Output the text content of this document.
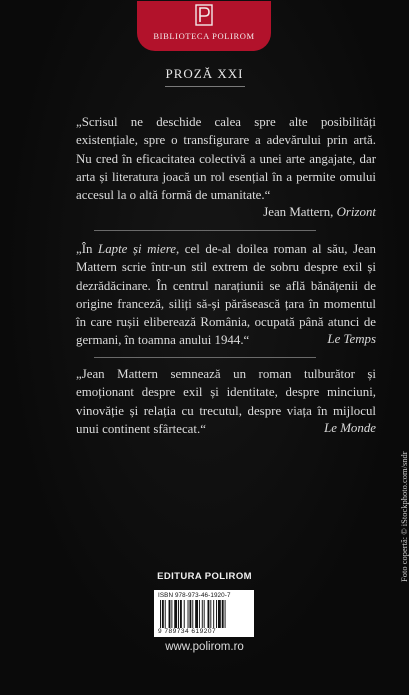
BIBLIOTECA POLIROM
PROZĂ XXI
„Scrisul ne deschide calea spre alte posibilități existențiale, spre o transfigurare a adevărului prin artă. Nu cred în eficacitatea colectivă a unei arte angajate, dar arta și literatura joacă un rol esențial în a permite omului accesul la o altă formă de umanitate.“
Jean Mattern, Orizont
„În Lapte și miere, cel de-al doilea roman al său, Jean Mattern scrie într-un stil extrem de sobru despre exil și dezrădăcinare. În centrul narațiunii se află bănățenii de origine franceză, siliți să-și părăsească țara în momentul în care rușii eliberează România, ocupată până atunci de germani, în toamna anului 1944.“	Le Temps
„Jean Mattern semnează un roman tulburător și emoționant despre exil și identitate, despre minciuni, vinovăție și relația cu trecutul, despre viața în mijlocul unui continent sfârtecat.“	Le Monde
EDITURA POLIROM
ISBN 978-973-46-1920-7
9 789734 619207
www.polirom.ro
Foto copertă: © iStockphoto.com/sndr
